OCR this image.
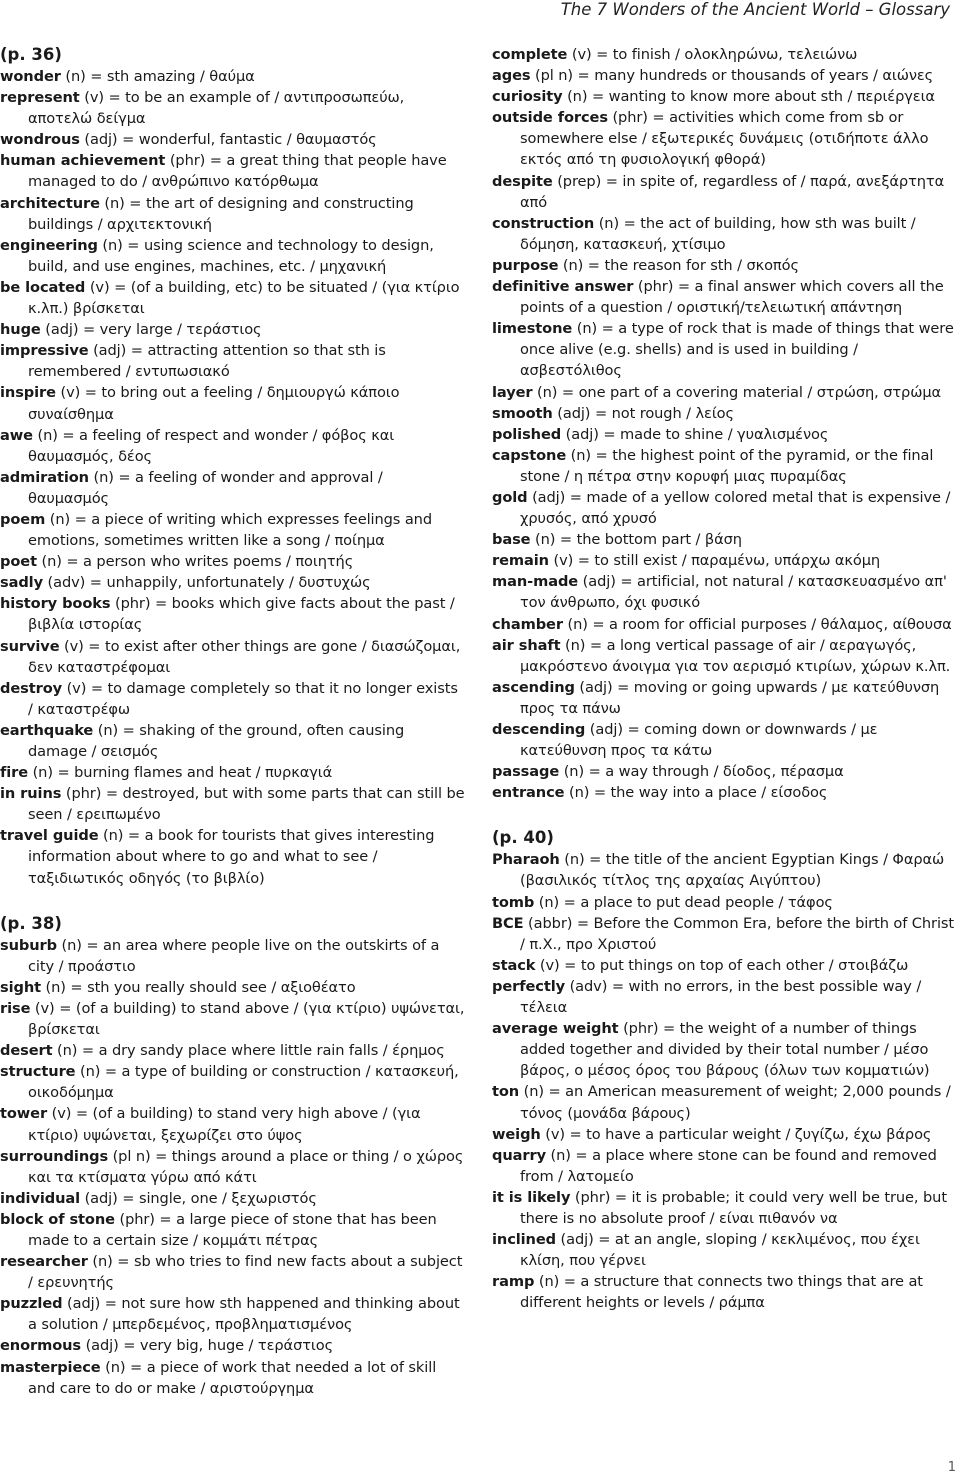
The 7 Wonders of the Ancient World – Glossary
(p. 36)
wonder (n) = sth amazing / θαύμα
represent (v) = to be an example of / αντιπροσωπεύω, αποτελώ δείγμα
wondrous (adj) = wonderful, fantastic / θαυμαστός
human achievement (phr) = a great thing that people have managed to do / ανθρώπινο κατόρθωμα
architecture (n) = the art of designing and constructing buildings / αρχιτεκτονική
engineering (n) = using science and technology to design, build, and use engines, machines, etc. / μηχανική
be located (v) = (of a building, etc) to be situated / (για κτίριο κ.λπ.) βρίσκεται
huge (adj) = very large / τεράστιος
impressive (adj) = attracting attention so that sth is remembered / εντυπωσιακό
inspire (v) = to bring out a feeling / δημιουργώ κάποιο συναίσθημα
awe (n) = a feeling of respect and wonder / φόβος και θαυμασμός, δέος
admiration (n) = a feeling of wonder and approval / θαυμασμός
poem (n) = a piece of writing which expresses feelings and emotions, sometimes written like a song / ποίημα
poet (n) = a person who writes poems / ποιητής
sadly (adv) = unhappily, unfortunately / δυστυχώς
history books (phr) = books which give facts about the past / βιβλία ιστορίας
survive (v) = to exist after other things are gone / διασώζομαι, δεν καταστρέφομαι
destroy (v) = to damage completely so that it no longer exists / καταστρέφω
earthquake (n) = shaking of the ground, often causing damage / σεισμός
fire (n) = burning flames and heat / πυρκαγιά
in ruins (phr) = destroyed, but with some parts that can still be seen / ερειπωμένο
travel guide (n) = a book for tourists that gives interesting information about where to go and what to see / ταξιδιωτικός οδηγός (το βιβλίο)
(p. 38)
suburb (n) = an area where people live on the outskirts of a city / προάστιο
sight (n) = sth you really should see / αξιοθέατο
rise (v) = (of a building) to stand above / (για κτίριο) υψώνεται, βρίσκεται
desert (n) = a dry sandy place where little rain falls / έρημος
structure (n) = a type of building or construction / κατασκευή, οικοδόμημα
tower (v) = (of a building) to stand very high above / (για κτίριο) υψώνεται, ξεχωρίζει στο ύψος
surroundings (pl n) = things around a place or thing / ο χώρος και τα κτίσματα γύρω από κάτι
individual (adj) = single, one / ξεχωριστός
block of stone (phr) = a large piece of stone that has been made to a certain size / κομμάτι πέτρας
researcher (n) = sb who tries to find new facts about a subject / ερευνητής
puzzled (adj) = not sure how sth happened and thinking about a solution / μπερδεμένος, προβληματισμένος
enormous (adj) = very big, huge / τεράστιος
masterpiece (n) = a piece of work that needed a lot of skill and care to do or make / αριστούργημα
complete (v) = to finish / ολοκληρώνω, τελειώνω
ages (pl n) = many hundreds or thousands of years / αιώνες
curiosity (n) = wanting to know more about sth / περιέργεια
outside forces (phr) = activities which come from sb or somewhere else / εξωτερικές δυνάμεις (οτιδήποτε άλλο εκτός από τη φυσιολογική φθορά)
despite (prep) = in spite of, regardless of / παρά, ανεξάρτητα από
construction (n) = the act of building, how sth was built / δόμηση, κατασκευή, χτίσιμο
purpose (n) = the reason for sth / σκοπός
definitive answer (phr) = a final answer which covers all the points of a question / οριστική/τελειωτική απάντηση
limestone (n) = a type of rock that is made of things that were once alive (e.g. shells) and is used in building / ασβεστόλιθος
layer (n) = one part of a covering material / στρώση, στρώμα
smooth (adj) = not rough / λείος
polished (adj) = made to shine / γυαλισμένος
capstone (n) = the highest point of the pyramid, or the final stone / η πέτρα στην κορυφή μιας πυραμίδας
gold (adj) = made of a yellow colored metal that is expensive / χρυσός, από χρυσό
base (n) = the bottom part / βάση
remain (v) = to still exist / παραμένω, υπάρχω ακόμη
man-made (adj) = artificial, not natural / κατασκευασμένο απ' τον άνθρωπο, όχι φυσικό
chamber (n) = a room for official purposes / θάλαμος, αίθουσα
air shaft (n) = a long vertical passage of air / αεραγωγός, μακρόστενο άνοιγμα για τον αερισμό κτιρίων, χώρων κ.λπ.
ascending (adj) = moving or going upwards / με κατεύθυνση προς τα πάνω
descending (adj) = coming down or downwards / με κατεύθυνση προς τα κάτω
passage (n) = a way through / δίοδος, πέρασμα
entrance (n) = the way into a place / είσοδος
(p. 40)
Pharaoh (n) = the title of the ancient Egyptian Kings / Φαραώ (βασιλικός τίτλος της αρχαίας Αιγύπτου)
tomb (n) = a place to put dead people / τάφος
BCE (abbr) = Before the Common Era, before the birth of Christ / π.Χ., προ Χριστού
stack (v) = to put things on top of each other / στοιβάζω
perfectly (adv) = with no errors, in the best possible way / τέλεια
average weight (phr) = the weight of a number of things added together and divided by their total number / μέσο βάρος, ο μέσος όρος του βάρους (όλων των κομματιών)
ton (n) = an American measurement of weight; 2,000 pounds / τόνος (μονάδα βάρους)
weigh (v) = to have a particular weight / ζυγίζω, έχω βάρος
quarry (n) = a place where stone can be found and removed from / λατομείο
it is likely (phr) = it is probable; it could very well be true, but there is no absolute proof / είναι πιθανόν να
inclined (adj) = at an angle, sloping / κεκλιμένος, που έχει κλίση, που γέρνει
ramp (n) = a structure that connects two things that are at different heights or levels / ράμπα
1
